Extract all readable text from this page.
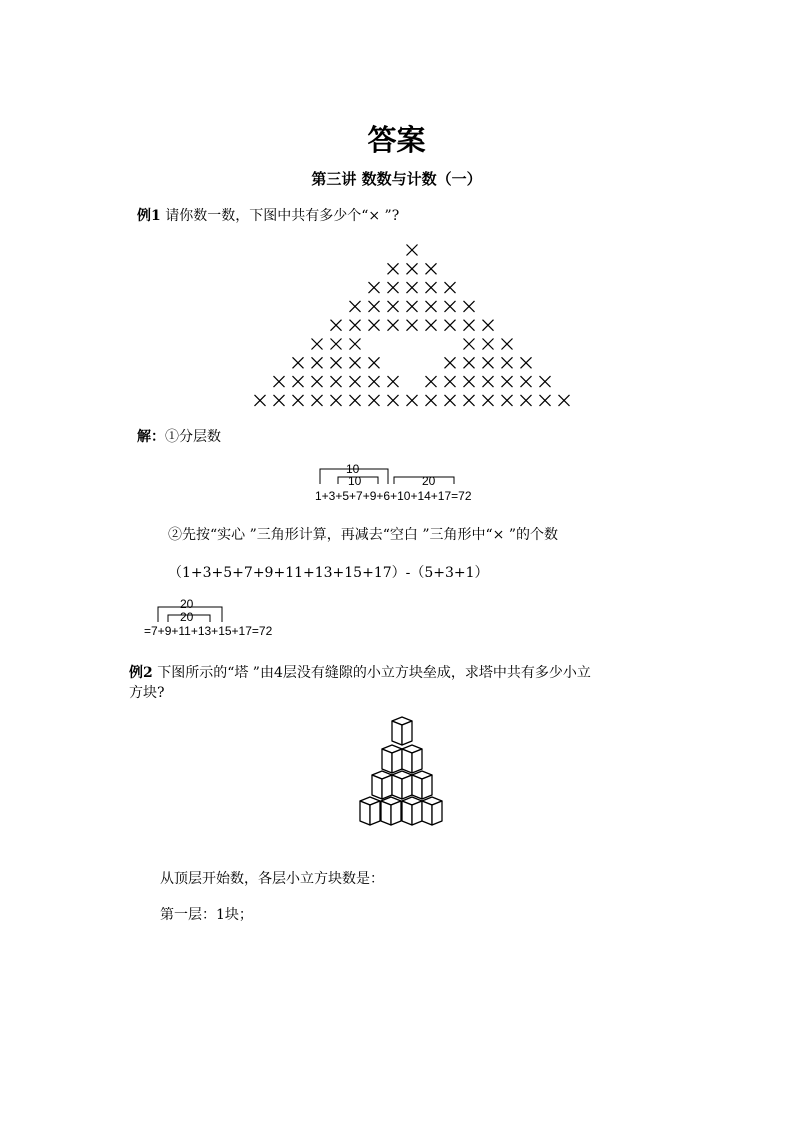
答案
第三讲 数数与计数（一）
例1 请你数一数，下图中共有多少个“× ”?
解：①分层数
10
10	20
1+3+5+7+9+6+10+14+17=72
②先按“实心 ”三角形计算，再减去“空白 ”三角形中“× ”的个数
（1+3+5+7+9+11+13+15+17）-（5+3+1）
20
20
=7+9+11+13+15+17=72
例2 下图所示的“塔 ”由4层没有缝隙的小立方块垒成，求塔中共有多少小立
方块?
从顶层开始数，各层小立方块数是：
第一层：1块；
